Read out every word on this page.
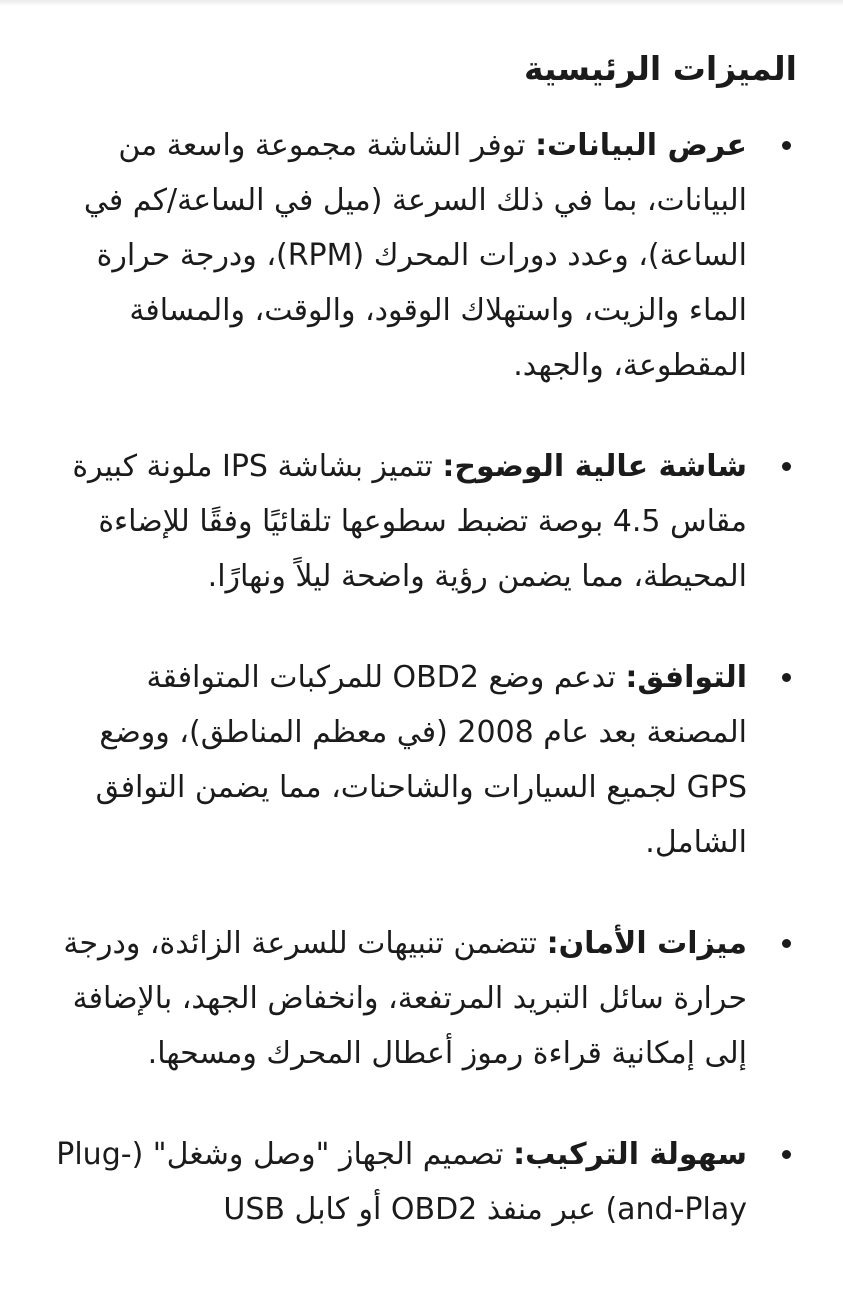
الميزات الرئيسية
عرض البيانات: توفر الشاشة مجموعة واسعة من البيانات، بما في ذلك السرعة (ميل في الساعة/كم في الساعة)، وعدد دورات المحرك (RPM)، ودرجة حرارة الماء والزيت، واستهلاك الوقود، والوقت، والمسافة المقطوعة، والجهد.
شاشة عالية الوضوح: تتميز بشاشة IPS ملونة كبيرة مقاس 4.5 بوصة تضبط سطوعها تلقائيًا وفقًا للإضاءة المحيطة، مما يضمن رؤية واضحة ليلاً ونهارًا.
التوافق: تدعم وضع OBD2 للمركبات المتوافقة المصنعة بعد عام 2008 (في معظم المناطق)، ووضع GPS لجميع السيارات والشاحنات، مما يضمن التوافق الشامل.
ميزات الأمان: تتضمن تنبيهات للسرعة الزائدة، ودرجة حرارة سائل التبريد المرتفعة، وانخفاض الجهد، بالإضافة إلى إمكانية قراءة رموز أعطال المحرك ومسحها.
سهولة التركيب: تصميم الجهاز "وصل وشغل" (Plug-and-Play) عبر منفذ OBD2 أو كابل USB
